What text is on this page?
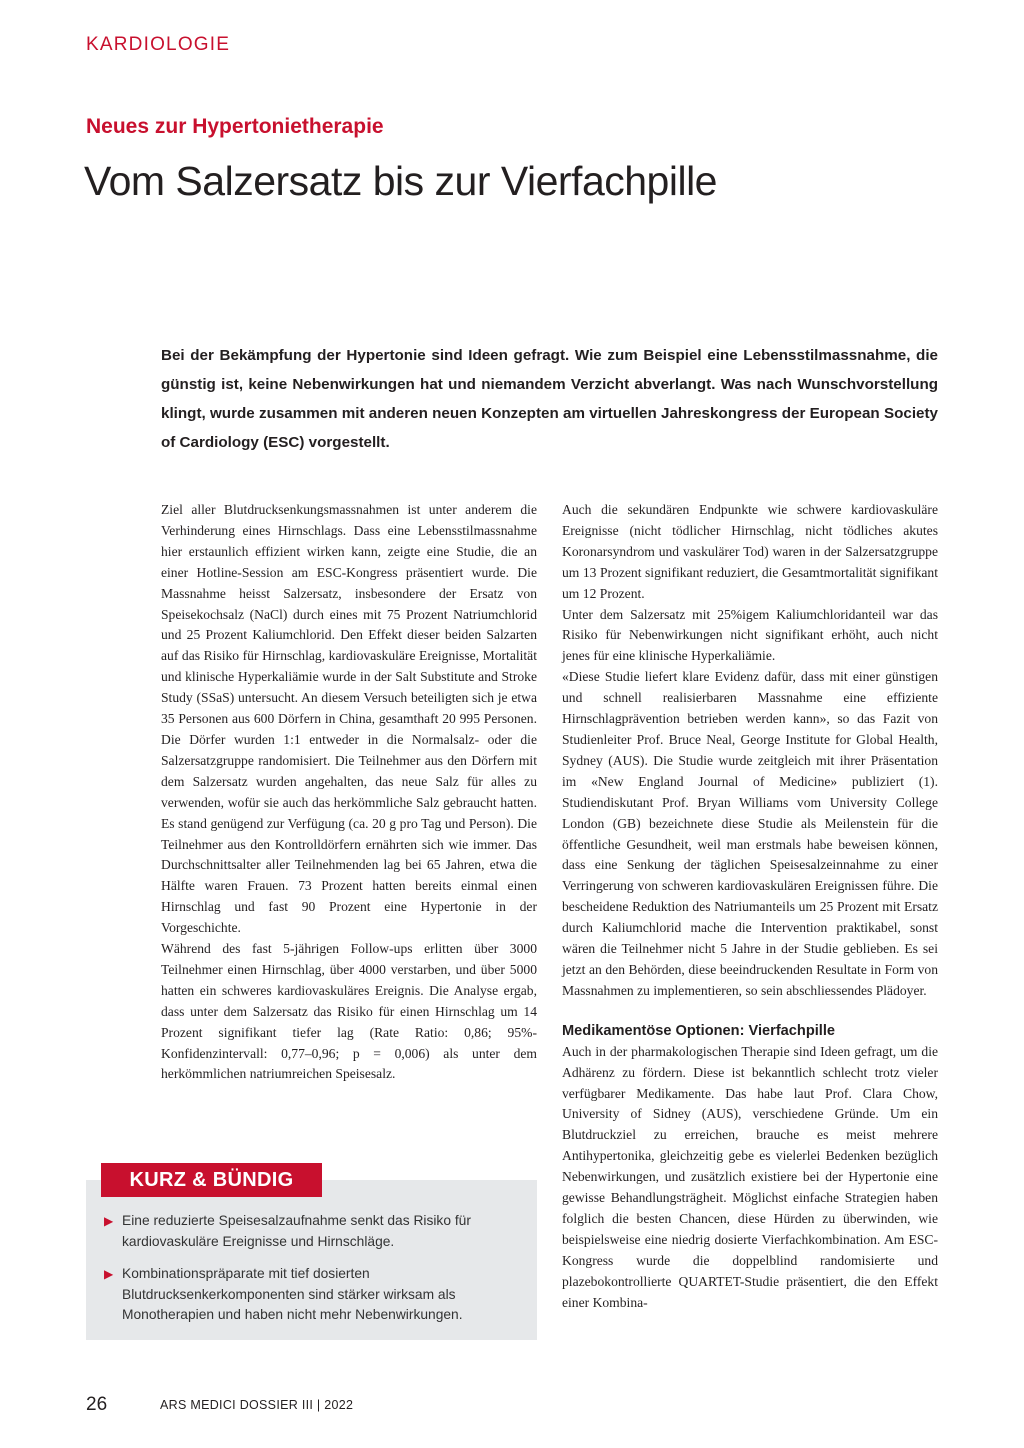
KARDIOLOGIE
Neues zur Hypertonietherapie
Vom Salzersatz bis zur Vierfachpille

Bei der Bekämpfung der Hypertonie sind Ideen gefragt. Wie zum Beispiel eine Lebensstilmassnahme, die günstig ist, keine Nebenwirkungen hat und niemandem Verzicht abverlangt. Was nach Wunschvorstellung klingt, wurde zusammen mit anderen neuen Konzepten am virtuellen Jahreskongress der European Society of Cardiology (ESC) vorgestellt.

Ziel aller Blutdrucksenkungsmassnahmen ist unter anderem die Verhinderung eines Hirnschlags. Dass eine Lebensstilmassnahme hier erstaunlich effizient wirken kann, zeigte eine Studie, die an einer Hotline-Session am ESC-Kongress präsentiert wurde. Die Massnahme heisst Salzersatz, insbesondere der Ersatz von Speisekochsalz (NaCl) durch eines mit 75 Prozent Natriumchlorid und 25 Prozent Kaliumchlorid. Den Effekt dieser beiden Salzarten auf das Risiko für Hirnschlag, kardiovaskuläre Ereignisse, Mortalität und klinische Hyperkaliämie wurde in der Salt Substitute and Stroke Study (SSaS) untersucht. An diesem Versuch beteiligten sich je etwa 35 Personen aus 600 Dörfern in China, gesamthaft 20 995 Personen. Die Dörfer wurden 1:1 entweder in die Normalsalz- oder die Salzersatzgruppe randomisiert. Die Teilnehmer aus den Dörfern mit dem Salzersatz wurden angehalten, das neue Salz für alles zu verwenden, wofür sie auch das herkömmliche Salz gebraucht hatten. Es stand genügend zur Verfügung (ca. 20 g pro Tag und Person). Die Teilnehmer aus den Kontrolldörfern ernährten sich wie immer. Das Durchschnittsalter aller Teilnehmenden lag bei 65 Jahren, etwa die Hälfte waren Frauen. 73 Prozent hatten bereits einmal einen Hirnschlag und fast 90 Prozent eine Hypertonie in der Vorgeschichte.

Während des fast 5-jährigen Follow-ups erlitten über 3000 Teilnehmer einen Hirnschlag, über 4000 verstarben, und über 5000 hatten ein schweres kardiovaskuläres Ereignis. Die Analyse ergab, dass unter dem Salzersatz das Risiko für einen Hirnschlag um 14 Prozent signifikant tiefer lag (Rate Ratio: 0,86; 95%-Konfidenzintervall: 0,77–0,96; p = 0,006) als unter dem herkömmlichen natriumreichen Speisesalz.

Auch die sekundären Endpunkte wie schwere kardiovaskuläre Ereignisse (nicht tödlicher Hirnschlag, nicht tödliches akutes Koronarsyndrom und vaskulärer Tod) waren in der Salzersatzgruppe um 13 Prozent signifikant reduziert, die Gesamtmortalität signifikant um 12 Prozent.

Unter dem Salzersatz mit 25%igem Kaliumchloridanteil war das Risiko für Nebenwirkungen nicht signifikant erhöht, auch nicht jenes für eine klinische Hyperkaliämie.

«Diese Studie liefert klare Evidenz dafür, dass mit einer günstigen und schnell realisierbaren Massnahme eine effiziente Hirnschlagprävention betrieben werden kann», so das Fazit von Studienleiter Prof. Bruce Neal, George Institute for Global Health, Sydney (AUS). Die Studie wurde zeitgleich mit ihrer Präsentation im «New England Journal of Medicine» publiziert (1). Studiendiskutant Prof. Bryan Williams vom University College London (GB) bezeichnete diese Studie als Meilenstein für die öffentliche Gesundheit, weil man erstmals habe beweisen können, dass eine Senkung der täglichen Speisesalzeinnahme zu einer Verringerung von schweren kardiovaskulären Ereignissen führe. Die bescheidene Reduktion des Natriumanteils um 25 Prozent mit Ersatz durch Kaliumchlorid mache die Intervention praktikabel, sonst wären die Teilnehmer nicht 5 Jahre in der Studie geblieben. Es sei jetzt an den Behörden, diese beeindruckenden Resultate in Form von Massnahmen zu implementieren, so sein abschliessendes Plädoyer.

Medikamentöse Optionen: Vierfachpille

Auch in der pharmakologischen Therapie sind Ideen gefragt, um die Adhärenz zu fördern. Diese ist bekanntlich schlecht trotz vieler verfügbarer Medikamente. Das habe laut Prof. Clara Chow, University of Sidney (AUS), verschiedene Gründe. Um ein Blutdruckziel zu erreichen, brauche es meist mehrere Antihypertonika, gleichzeitig gebe es vielerlei Bedenken bezüglich Nebenwirkungen, und zusätzlich existiere bei der Hypertonie eine gewisse Behandlungsträgheit. Möglichst einfache Strategien haben folglich die besten Chancen, diese Hürden zu überwinden, wie beispielsweise eine niedrig dosierte Vierfachkombination. Am ESC-Kongress wurde die doppelblind randomisierte und plazebokontrollierte QUARTET-Studie präsentiert, die den Effekt einer Kombina-

KURZ & BÜNDIG
▶ Eine reduzierte Speisesalzaufnahme senkt das Risiko für kardiovaskuläre Ereignisse und Hirnschläge.
▶ Kombinationspräparate mit tief dosierten Blutdrucksenkerkomponenten sind stärker wirksam als Monotherapien und haben nicht mehr Nebenwirkungen.
26	ARS MEDICI DOSSIER III | 2022
